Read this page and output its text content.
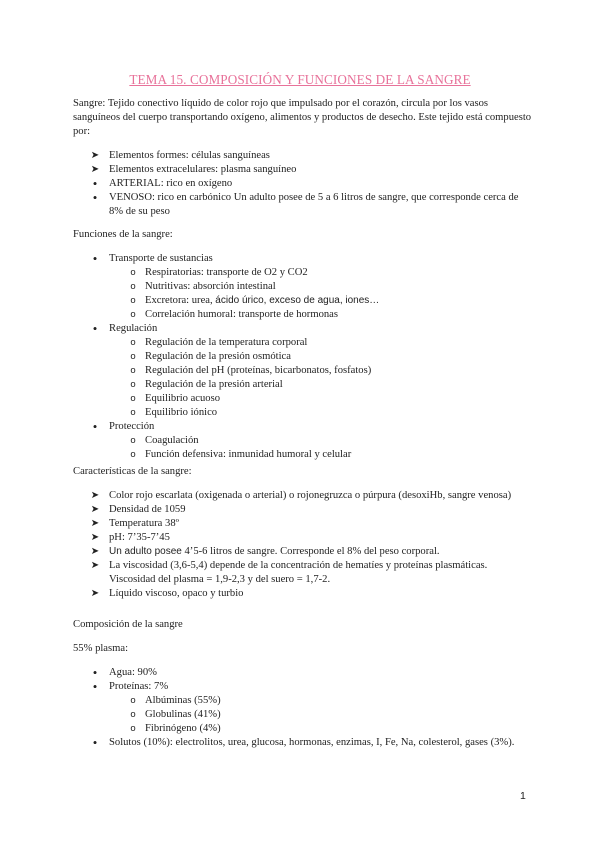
TEMA 15. COMPOSICIÓN Y FUNCIONES DE LA SANGRE

Sangre: Tejido conectivo líquido de color rojo que impulsado por el corazón, circula por los vasos sanguíneos del cuerpo transportando oxígeno, alimentos y productos de desecho. Este tejido está compuesto por:

➤ Elementos formes: células sanguíneas
➤ Elementos extracelulares: plasma sanguíneo
•	ARTERIAL: rico en oxígeno
•	VENOSO: rico en carbónico Un adulto posee de 5 a 6 litros de sangre, que corresponde cerca de 8% de su peso

Funciones de la sangre:

•	Transporte de sustancias
o Respiratorias: transporte de O2 y CO2
o Nutritivas: absorción intestinal
o Excretora: urea, ácido úrico, exceso de agua, iones…
o Correlación humoral: transporte de hormonas
•	Regulación
o Regulación de la temperatura corporal
o Regulación de la presión osmótica
o Regulación del pH (proteínas, bicarbonatos, fosfatos)
o Regulación de la presión arterial
o Equilibrio acuoso
o Equilibrio iónico
•	Protección
o Coagulación
o Función defensiva: inmunidad humoral y celular

Características de la sangre:

➤ Color rojo escarlata (oxigenada o arterial) o rojonegruzca o púrpura (desoxiHb, sangre venosa)
➤ Densidad de 1059
➤ Temperatura 38º
➤ pH: 7’35-7’45
➤ Un adulto posee 4’5-6 litros de sangre. Corresponde el 8% del peso corporal.
➤ La viscosidad (3,6-5,4) depende de la concentración de hematíes y proteínas plasmáticas. Viscosidad del plasma = 1,9-2,3 y del suero = 1,7-2.
➤ Líquido viscoso, opaco y turbio

Composición de la sangre

55% plasma:

•	Agua: 90%
•	Proteínas: 7%
o Albúminas (55%)
o Globulinas (41%)
o Fibrinógeno (4%)
•	Solutos (10%): electrolitos, urea, glucosa, hormonas, enzimas, I, Fe, Na, colesterol, gases (3%).
1
